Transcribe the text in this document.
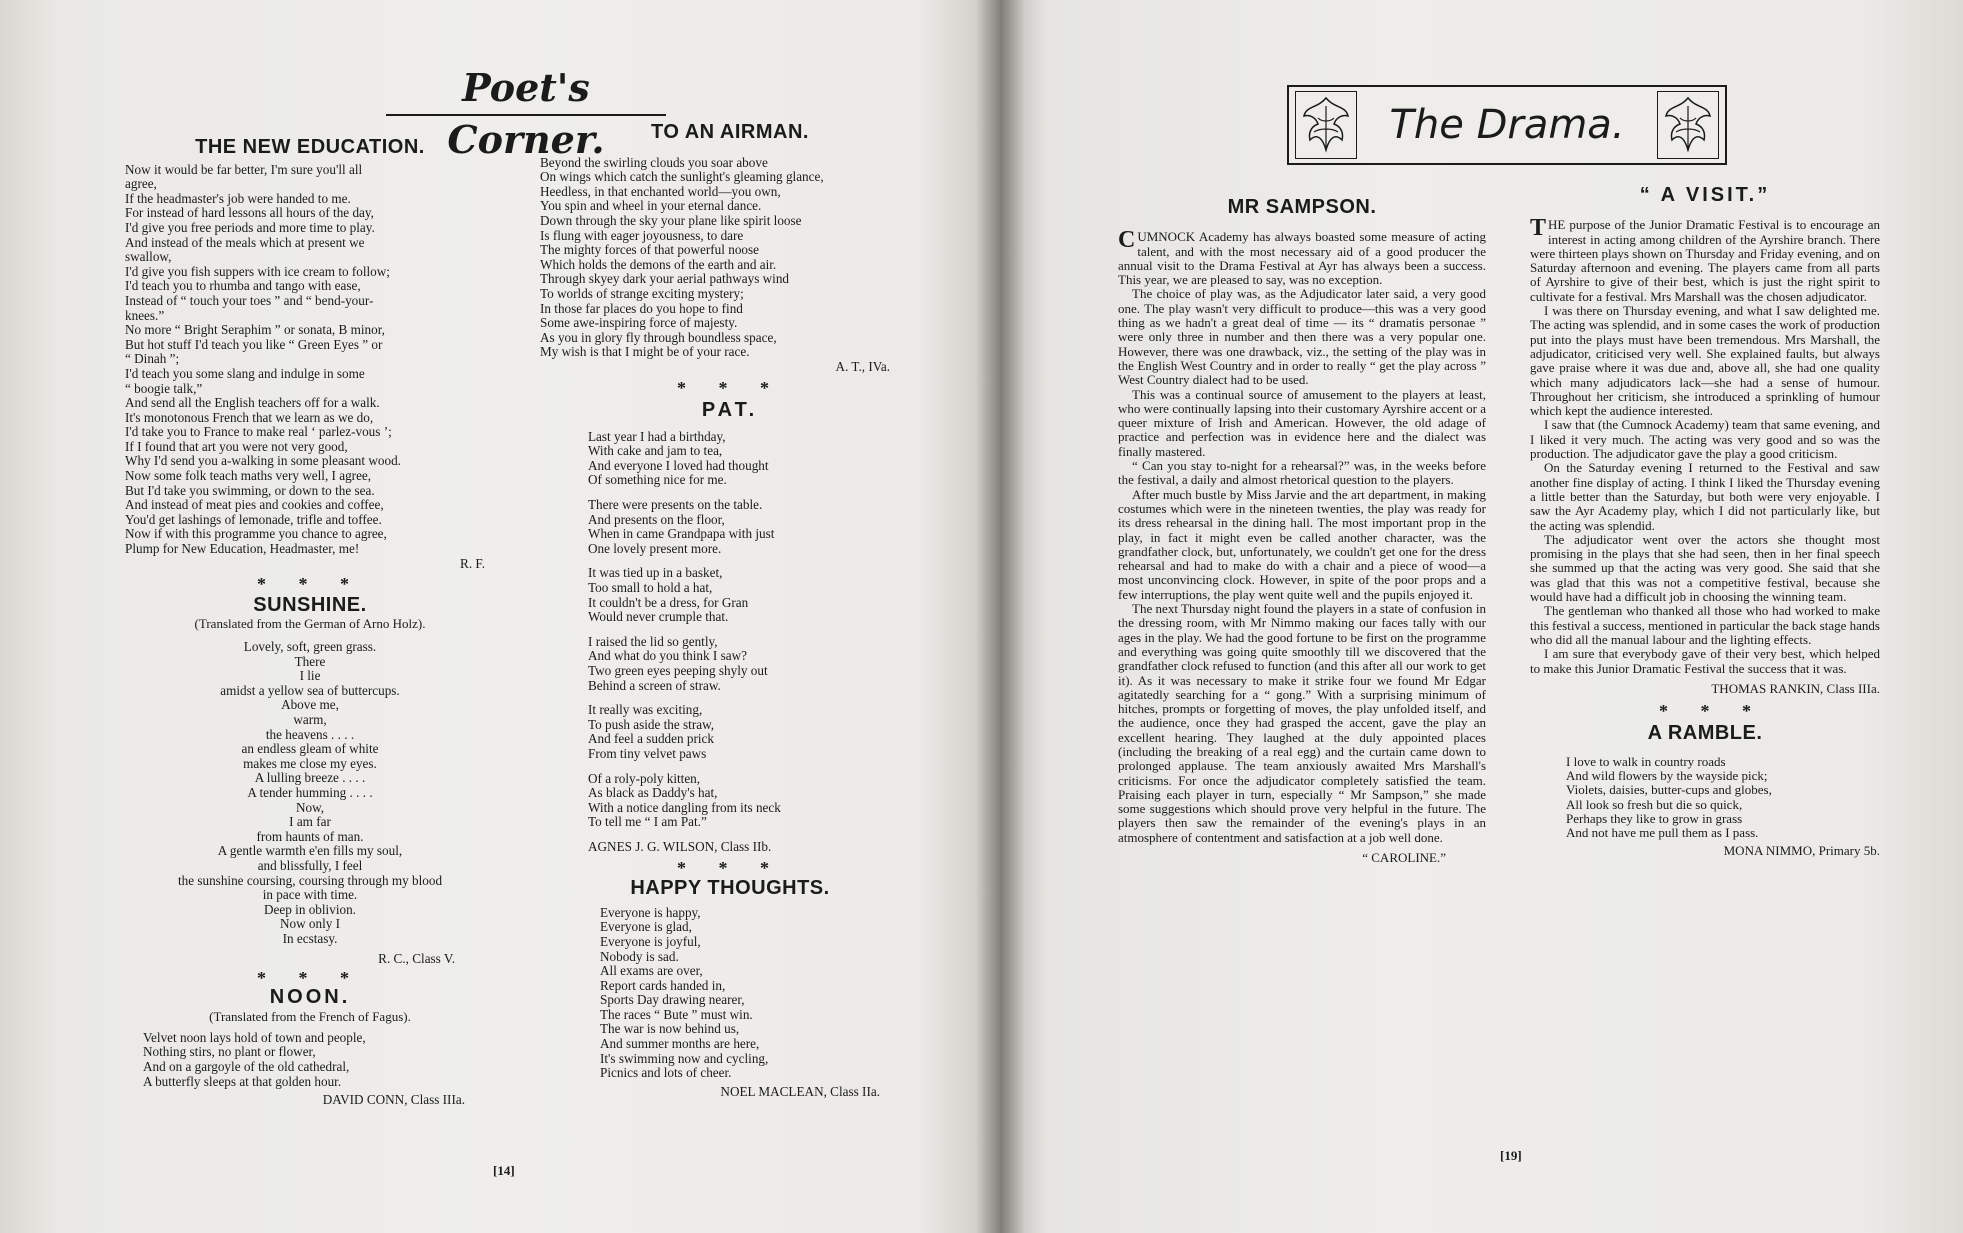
Poet's Corner.
THE NEW EDUCATION.
Now it would be far better, I'm sure you'll all
agree,
If the headmaster's job were handed to me.
For instead of hard lessons all hours of the day,
I'd give you free periods and more time to play.
And instead of the meals which at present we
swallow,
I'd give you fish suppers with ice cream to follow;
I'd teach you to rhumba and tango with ease,
Instead of “ touch your toes ” and “ bend-your-
knees.”
No more “ Bright Seraphim ” or sonata, B minor,
But hot stuff I'd teach you like “ Green Eyes ” or
“ Dinah ”;
I'd teach you some slang and indulge in some
“ boogie talk,”
And send all the English teachers off for a walk.
It's monotonous French that we learn as we do,
I'd take you to France to make real ‘ parlez-vous ’;
If I found that art you were not very good,
Why I'd send you a-walking in some pleasant wood.
Now some folk teach maths very well, I agree,
But I'd take you swimming, or down to the sea.
And instead of meat pies and cookies and coffee,
You'd get lashings of lemonade, trifle and toffee.
Now if with this programme you chance to agree,
Plump for New Education, Headmaster, me!

R. F.

* * *

SUNSHINE.

(Translated from the German of Arno Holz).

Lovely, soft, green grass.
There
I lie
amidst a yellow sea of buttercups.
Above me,
warm,
the heavens . . . .
an endless gleam of white
makes me close my eyes.
A lulling breeze . . . .
A tender humming . . . .
Now,
I am far
from haunts of man.
A gentle warmth e'en fills my soul,
and blissfully, I feel
the sunshine coursing, coursing through my blood
in pace with time.
Deep in oblivion.
Now only I
In ecstasy.

R. C., Class V.

* * *

NOON.

(Translated from the French of Fagus).

Velvet noon lays hold of town and people,
Nothing stirs, no plant or flower,
And on a gargoyle of the old cathedral,
A butterfly sleeps at that golden hour.

DAVID CONN, Class IIIa.

TO AN AIRMAN.
Beyond the swirling clouds you soar above
On wings which catch the sunlight's gleaming glance,
Heedless, in that enchanted world—you own,
You spin and wheel in your eternal dance.
Down through the sky your plane like spirit loose
Is flung with eager joyousness, to dare
The mighty forces of that powerful noose
Which holds the demons of the earth and air.
Through skyey dark your aerial pathways wind
To worlds of strange exciting mystery;
In those far places do you hope to find
Some awe-inspiring force of majesty.
As you in glory fly through boundless space,
My wish is that I might be of your race.

A. T., IVa.

* * *

PAT.
Last year I had a birthday,
With cake and jam to tea,
And everyone I loved had thought
Of something nice for me.
There were presents on the table.
And presents on the floor,
When in came Grandpapa with just
One lovely present more.
It was tied up in a basket,
Too small to hold a hat,
It couldn't be a dress, for Gran
Would never crumple that.
I raised the lid so gently,
And what do you think I saw?
Two green eyes peeping shyly out
Behind a screen of straw.
It really was exciting,
To push aside the straw,
And feel a sudden prick
From tiny velvet paws
Of a roly-poly kitten,
As black as Daddy's hat,
With a notice dangling from its neck
To tell me “ I am Pat.”

AGNES J. G. WILSON, Class IIb.

* * *

HAPPY THOUGHTS.
Everyone is happy,
Everyone is glad,
Everyone is joyful,
Nobody is sad.
All exams are over,
Report cards handed in,
Sports Day drawing nearer,
The races “ Bute ” must win.
The war is now behind us,
And summer months are here,
It's swimming now and cycling,
Picnics and lots of cheer.

NOEL MACLEAN, Class IIa.

[14]
The Drama.
MR SAMPSON.

CUMNOCK Academy has always boasted some measure of acting talent, and with the most necessary aid of a good producer the annual visit to the Drama Festival at Ayr has always been a success. This year, we are pleased to say, was no exception.

The choice of play was, as the Adjudicator later said, a very good one. The play wasn't very difficult to produce—this was a very good thing as we hadn't a great deal of time — its “ dramatis personae ” were only three in number and then there was a very popular one. However, there was one drawback, viz., the setting of the play was in the English West Country and in order to really “ get the play across ” West Country dialect had to be used.

This was a continual source of amusement to the players at least, who were continually lapsing into their customary Ayrshire accent or a queer mixture of Irish and American. However, the old adage of practice and perfection was in evidence here and the dialect was finally mastered.

“ Can you stay to-night for a rehearsal?” was, in the weeks before the festival, a daily and almost rhetorical question to the players.

After much bustle by Miss Jarvie and the art department, in making costumes which were in the nineteen twenties, the play was ready for its dress rehearsal in the dining hall. The most important prop in the play, in fact it might even be called another character, was the grandfather clock, but, unfortunately, we couldn't get one for the dress rehearsal and had to make do with a chair and a piece of wood—a most unconvincing clock. However, in spite of the poor props and a few interruptions, the play went quite well and the pupils enjoyed it.

The next Thursday night found the players in a state of confusion in the dressing room, with Mr Nimmo making our faces tally with our ages in the play. We had the good fortune to be first on the programme and everything was going quite smoothly till we discovered that the grandfather clock refused to function (and this after all our work to get it). As it was necessary to make it strike four we found Mr Edgar agitatedly searching for a “ gong.” With a surprising minimum of hitches, prompts or forgetting of moves, the play unfolded itself, and the audience, once they had grasped the accent, gave the play an excellent hearing. They laughed at the duly appointed places (including the breaking of a real egg) and the curtain came down to prolonged applause. The team anxiously awaited Mrs Marshall's criticisms. For once the adjudicator completely satisfied the team. Praising each player in turn, especially “ Mr Sampson,” she made some suggestions which should prove very helpful in the future. The players then saw the remainder of the evening's plays in an atmosphere of contentment and satisfaction at a job well done.

“ CAROLINE.”

“ A VISIT.”

THE purpose of the Junior Dramatic Festival is to encourage an interest in acting among children of the Ayrshire branch. There were thirteen plays shown on Thursday and Friday evening, and on Saturday afternoon and evening. The players came from all parts of Ayrshire to give of their best, which is just the right spirit to cultivate for a festival. Mrs Marshall was the chosen adjudicator.

I was there on Thursday evening, and what I saw delighted me. The acting was splendid, and in some cases the work of production put into the plays must have been tremendous. Mrs Marshall, the adjudicator, criticised very well. She explained faults, but always gave praise where it was due and, above all, she had one quality which many adjudicators lack—she had a sense of humour. Throughout her criticism, she introduced a sprinkling of humour which kept the audience interested.

I saw that (the Cumnock Academy) team that same evening, and I liked it very much. The acting was very good and so was the production. The adjudicator gave the play a good criticism.

On the Saturday evening I returned to the Festival and saw another fine display of acting. I think I liked the Thursday evening a little better than the Saturday, but both were very enjoyable. I saw the Ayr Academy play, which I did not particularly like, but the acting was splendid.

The adjudicator went over the actors she thought most promising in the plays that she had seen, then in her final speech she summed up that the acting was very good. She said that she was glad that this was not a competitive festival, because she would have had a difficult job in choosing the winning team.

The gentleman who thanked all those who had worked to make this festival a success, mentioned in particular the back stage hands who did all the manual labour and the lighting effects.

I am sure that everybody gave of their very best, which helped to make this Junior Dramatic Festival the success that it was.

THOMAS RANKIN, Class IIIa.

* * *

A RAMBLE.
I love to walk in country roads
And wild flowers by the wayside pick;
Violets, daisies, butter-cups and globes,
All look so fresh but die so quick,
Perhaps they like to grow in grass
And not have me pull them as I pass.

MONA NIMMO, Primary 5b.

[19]
